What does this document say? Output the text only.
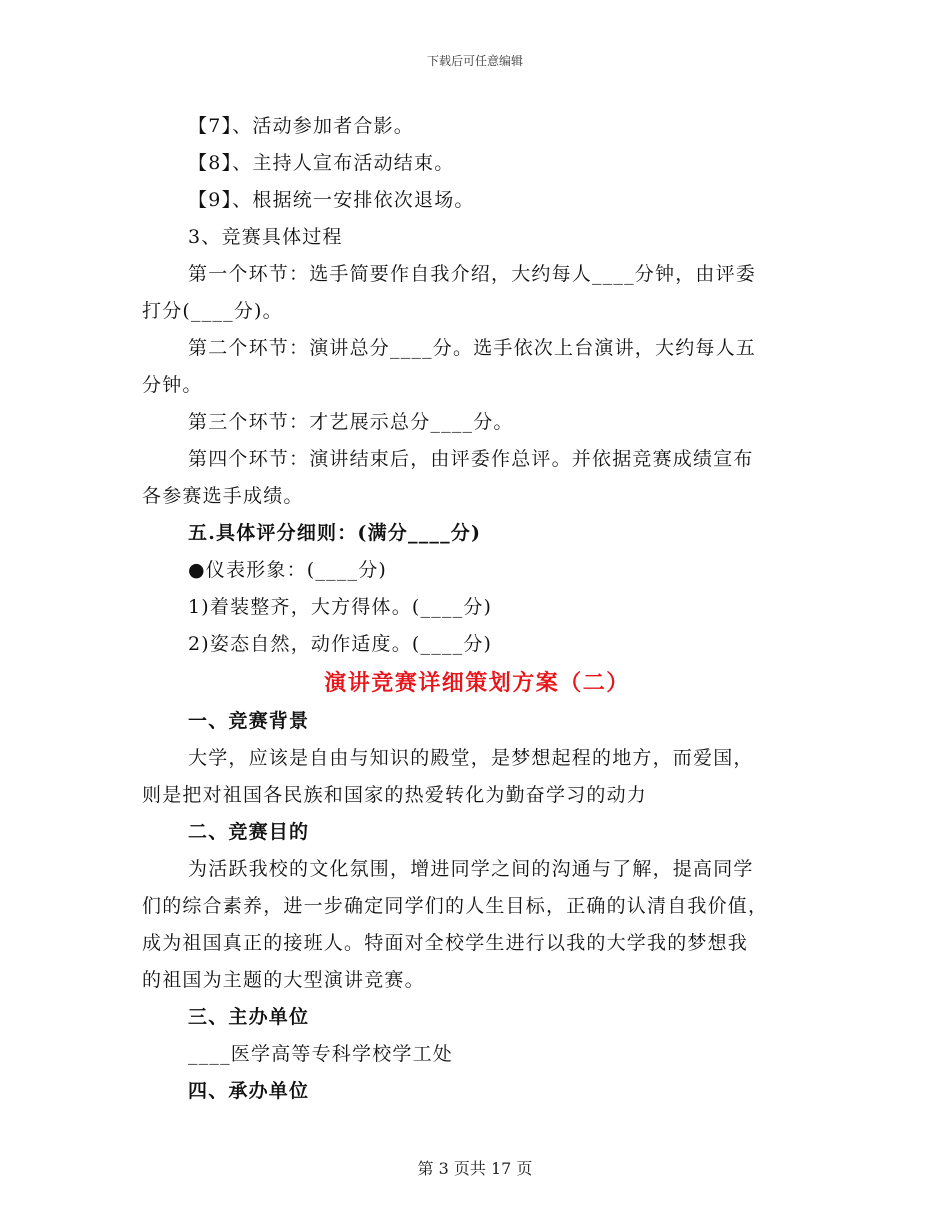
下载后可任意编辑

【7】、活动参加者合影。

【8】、主持人宣布活动结束。

【9】、根据统一安排依次退场。

3、竞赛具体过程

第一个环节：选手简要作自我介绍，大约每人____分钟，由评委

打分(____分)。

第二个环节：演讲总分____分。选手依次上台演讲，大约每人五

分钟。

第三个环节：才艺展示总分____分。

第四个环节：演讲结束后，由评委作总评。并依据竞赛成绩宣布

各参赛选手成绩。

五.具体评分细则：(满分____分)

●仪表形象：(____分)

1)着装整齐，大方得体。(____分)

2)姿态自然，动作适度。(____分)

演讲竞赛详细策划方案（二）

一、竞赛背景

大学，应该是自由与知识的殿堂，是梦想起程的地方，而爱国，

则是把对祖国各民族和国家的热爱转化为勤奋学习的动力

二、竞赛目的

为活跃我校的文化氛围，增进同学之间的沟通与了解，提高同学

们的综合素养，进一步确定同学们的人生目标，正确的认清自我价值，

成为祖国真正的接班人。特面对全校学生进行以我的大学我的梦想我

的祖国为主题的大型演讲竞赛。

三、主办单位

____医学高等专科学校学工处

四、承办单位

第 3 页共 17 页
